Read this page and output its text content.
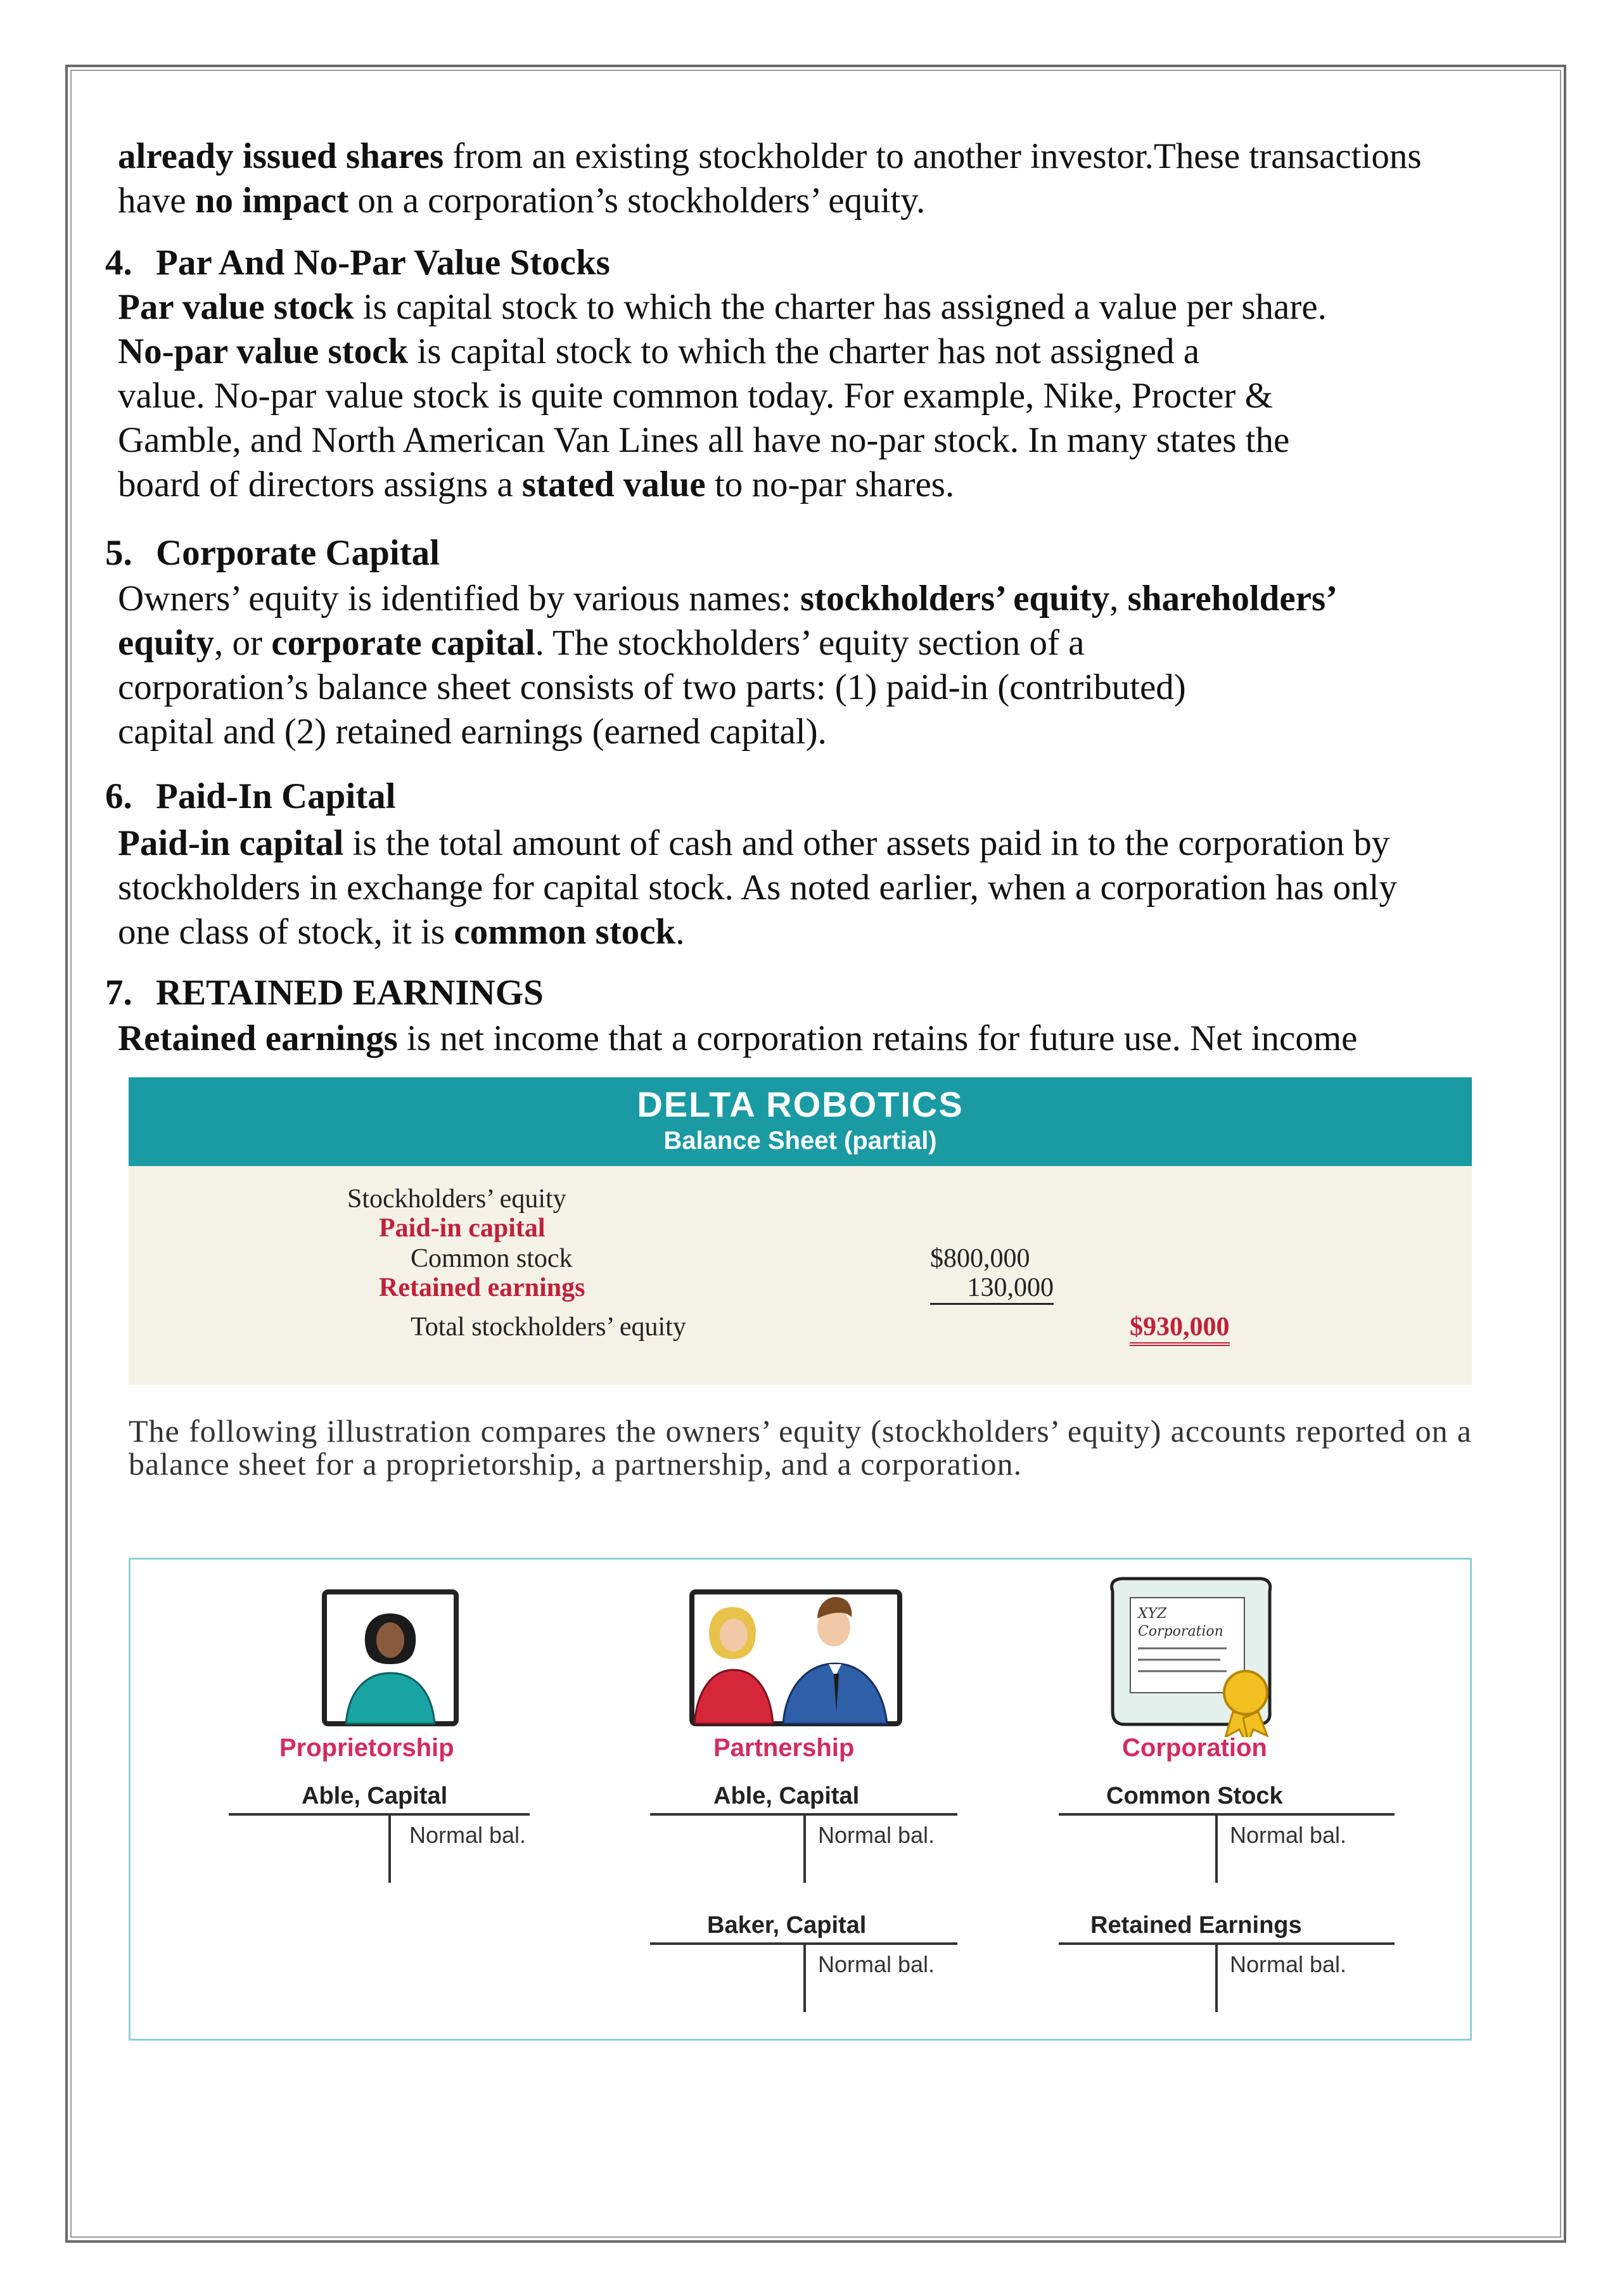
already issued shares from an existing stockholder to another investor.These transactions
have no impact on a corporation’s stockholders’ equity.

4. Par And No-Par Value Stocks

Par value stock is capital stock to which the charter has assigned a value per share.
No-par value stock is capital stock to which the charter has not assigned a
value. No-par value stock is quite common today. For example, Nike, Procter &
Gamble, and North American Van Lines all have no-par stock. In many states the
board of directors assigns a stated value to no-par shares.

5. Corporate Capital

Owners’ equity is identified by various names: stockholders’ equity, shareholders’
equity, or corporate capital. The stockholders’ equity section of a
corporation’s balance sheet consists of two parts: (1) paid-in (contributed)
capital and (2) retained earnings (earned capital).

6. Paid-In Capital

Paid-in capital is the total amount of cash and other assets paid in to the corporation by
stockholders in exchange for capital stock. As noted earlier, when a corporation has only
one class of stock, it is common stock.

7. RETAINED EARNINGS

Retained earnings is net income that a corporation retains for future use. Net income

DELTA ROBOTICS
Balance Sheet (partial)
Stockholders’ equity
Paid-in capital
Common stock	$800,000
Retained earnings	130,000
Total stockholders’ equity	$930,000

The following illustration compares the owners’ equity (stockholders’ equity) accounts reported on a balance sheet for a proprietorship, a partnership, and a corporation.

XYZ
Corporation
Proprietorship	Partnership	Corporation
Able, Capital
Normal bal.
Able, Capital
Normal bal.
Baker, Capital
Normal bal.
Common Stock
Normal bal.
Retained Earnings
Normal bal.
